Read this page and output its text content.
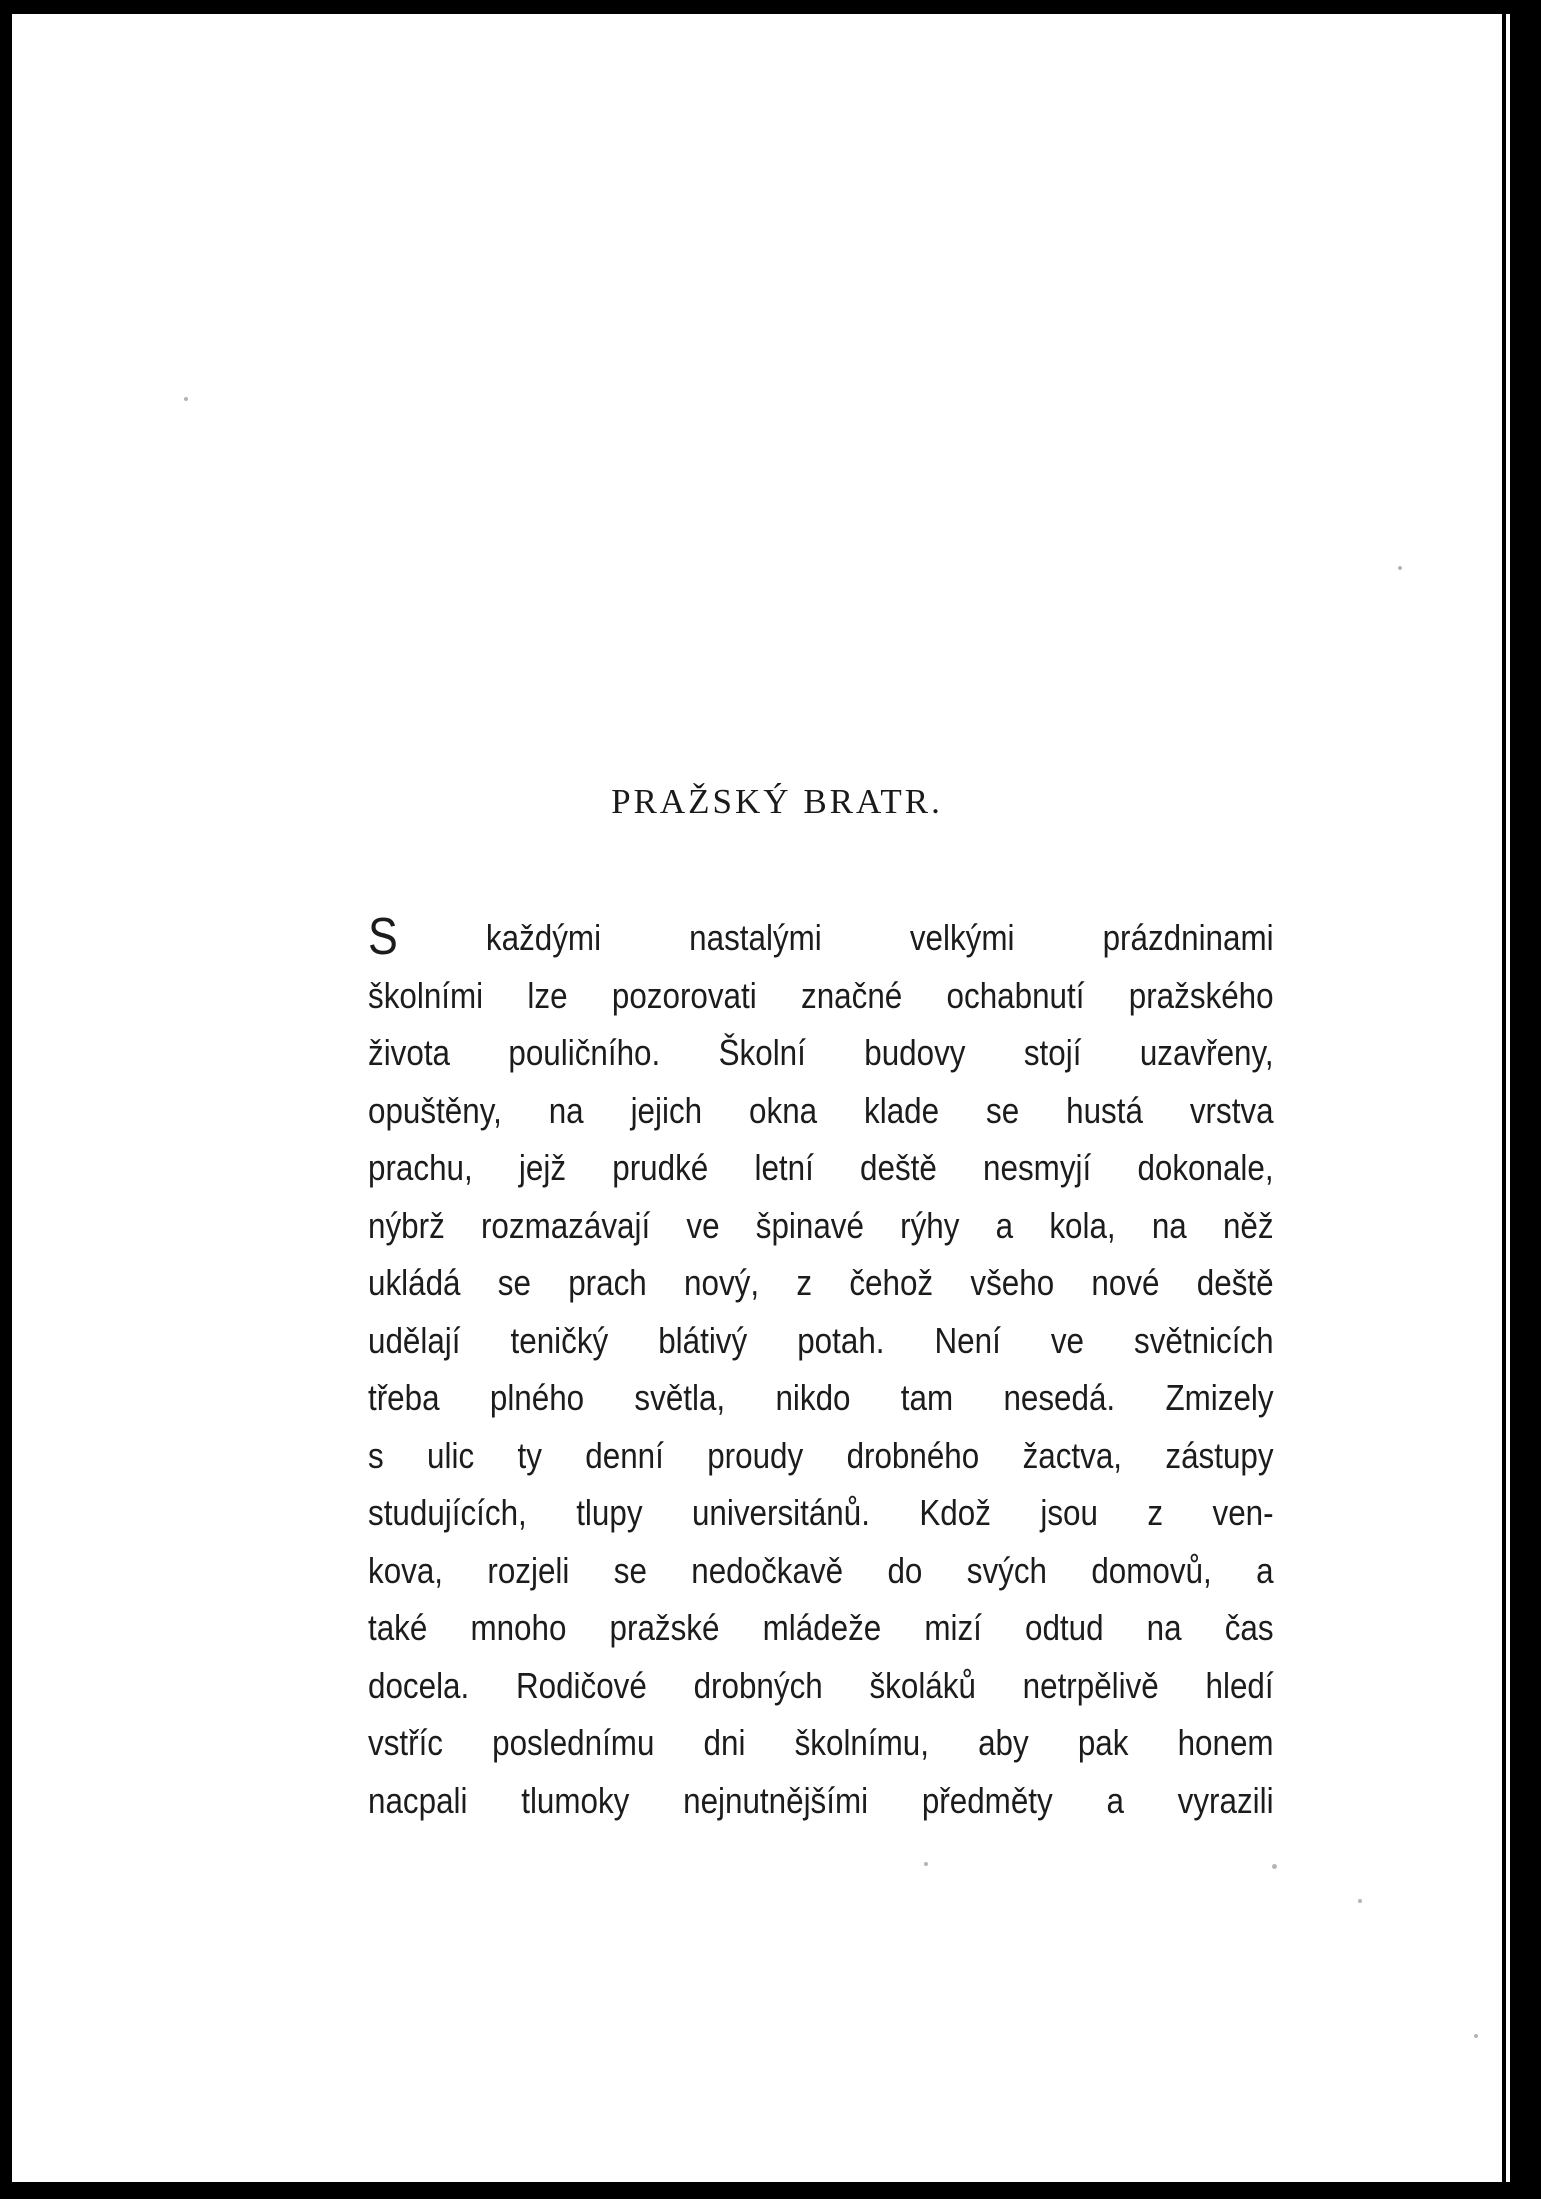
PRAŽSKÝ BRATR.
S každými nastalými velkými prázdninami
školními lze pozorovati značné ochabnutí pražského
života pouličního. Školní budovy stojí uzavřeny,
opuštěny, na jejich okna klade se hustá vrstva
prachu, jejž prudké letní deště nesmyjí dokonale,
nýbrž rozmazávají ve špinavé rýhy a kola, na něž
ukládá se prach nový, z čehož všeho nové deště
udělají teničký blátivý potah. Není ve světnicích
třeba plného světla, nikdo tam nesedá. Zmizely
s ulic ty denní proudy drobného žactva, zástupy
studujících, tlupy universitánů. Kdož jsou z ven-
kova, rozjeli se nedočkavě do svých domovů, a
také mnoho pražské mládeže mizí odtud na čas
docela. Rodičové drobných školáků netrpělivě hledí
vstříc poslednímu dni školnímu, aby pak honem
nacpali tlumoky nejnutnějšími předměty a vyrazili
